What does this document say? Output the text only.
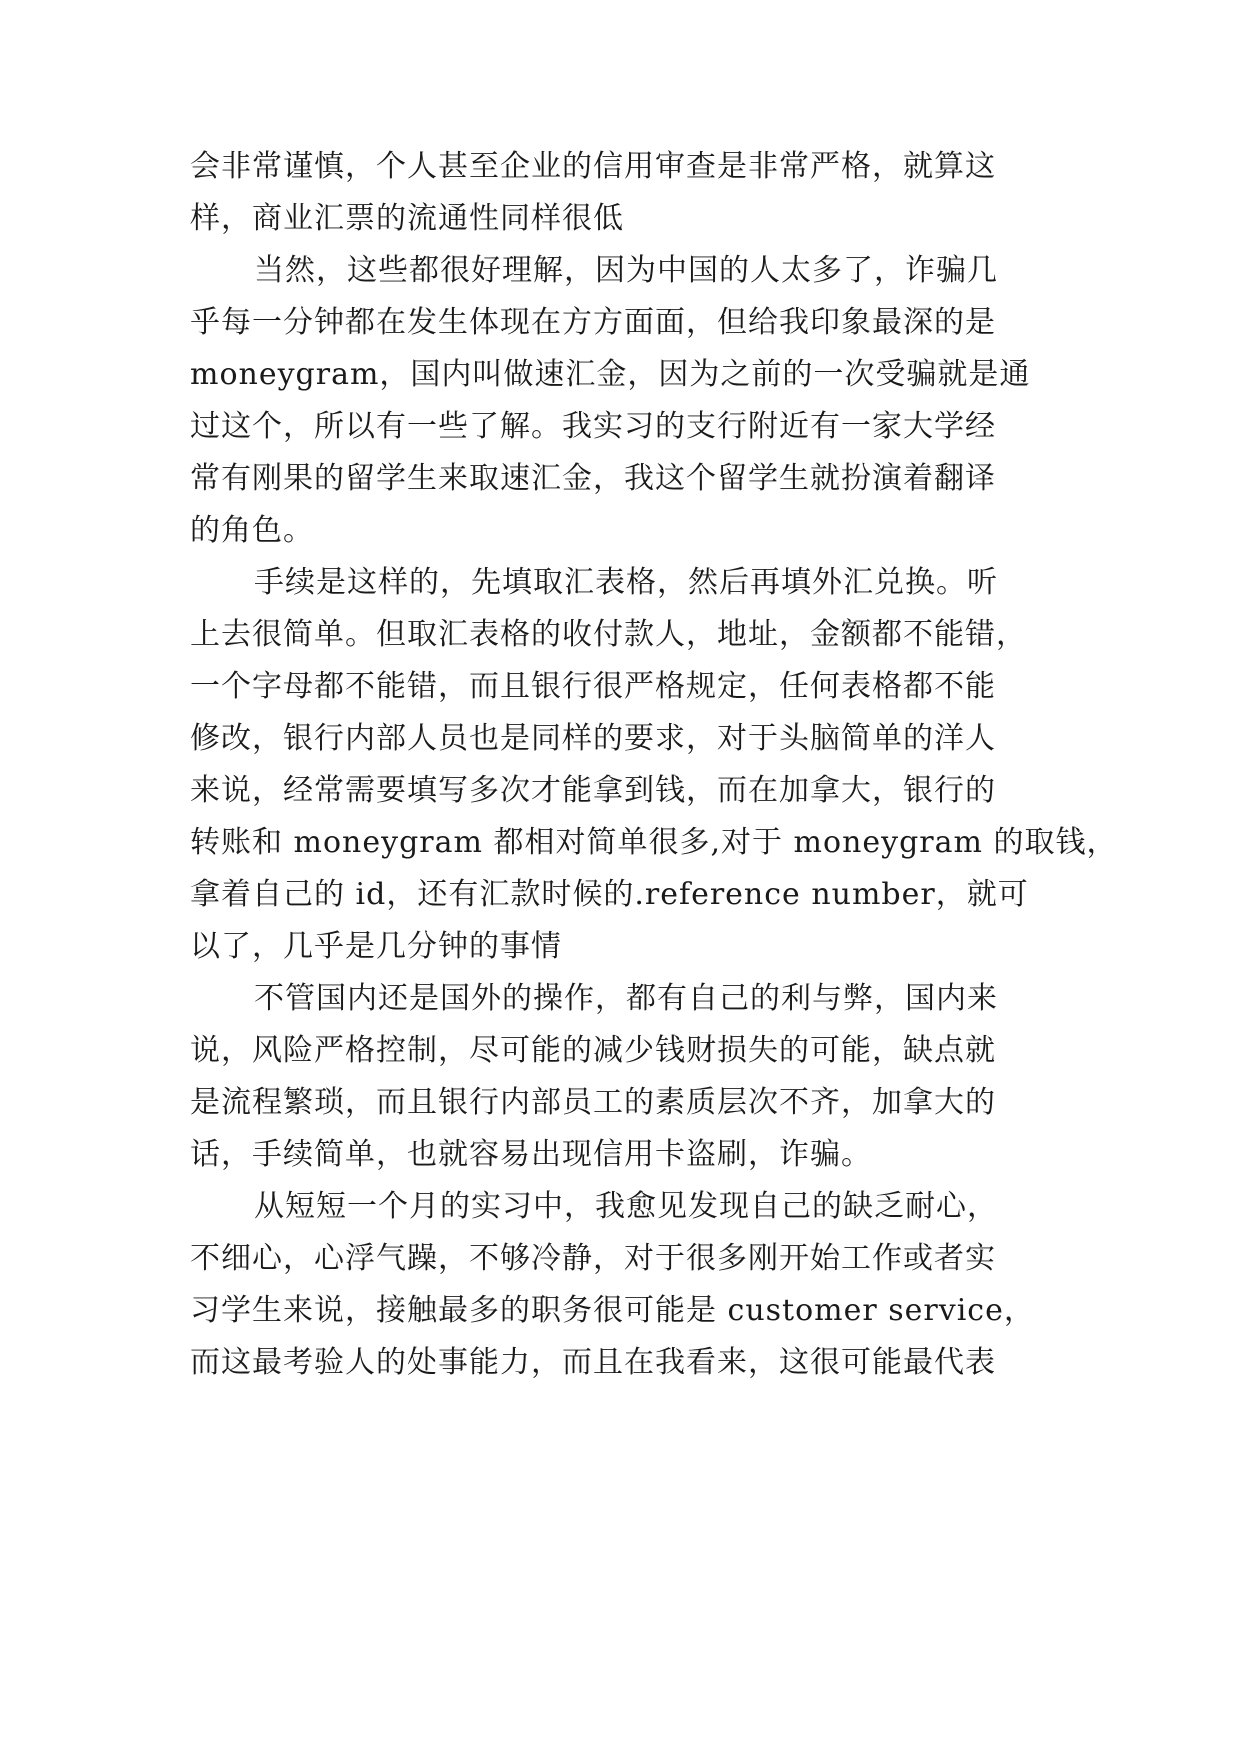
会非常谨慎，个人甚至企业的信用审查是非常严格，就算这
样，商业汇票的流通性同样很低
当然，这些都很好理解，因为中国的人太多了，诈骗几
乎每一分钟都在发生体现在方方面面，但给我印象最深的是
moneygram，国内叫做速汇金，因为之前的一次受骗就是通
过这个，所以有一些了解。我实习的支行附近有一家大学经
常有刚果的留学生来取速汇金，我这个留学生就扮演着翻译
的角色。
手续是这样的，先填取汇表格，然后再填外汇兑换。听
上去很简单。但取汇表格的收付款人，地址，金额都不能错，
一个字母都不能错，而且银行很严格规定，任何表格都不能
修改，银行内部人员也是同样的要求，对于头脑简单的洋人
来说，经常需要填写多次才能拿到钱，而在加拿大，银行的
转账和 moneygram 都相对简单很多,对于 moneygram 的取钱，
拿着自己的 id，还有汇款时候的.reference number，就可
以了，几乎是几分钟的事情
不管国内还是国外的操作，都有自己的利与弊，国内来
说，风险严格控制，尽可能的减少钱财损失的可能，缺点就
是流程繁琐，而且银行内部员工的素质层次不齐，加拿大的
话，手续简单，也就容易出现信用卡盗刷，诈骗。
从短短一个月的实习中，我愈见发现自己的缺乏耐心，
不细心，心浮气躁，不够冷静，对于很多刚开始工作或者实
习学生来说，接触最多的职务很可能是 customer service，
而这最考验人的处事能力，而且在我看来，这很可能最代表
